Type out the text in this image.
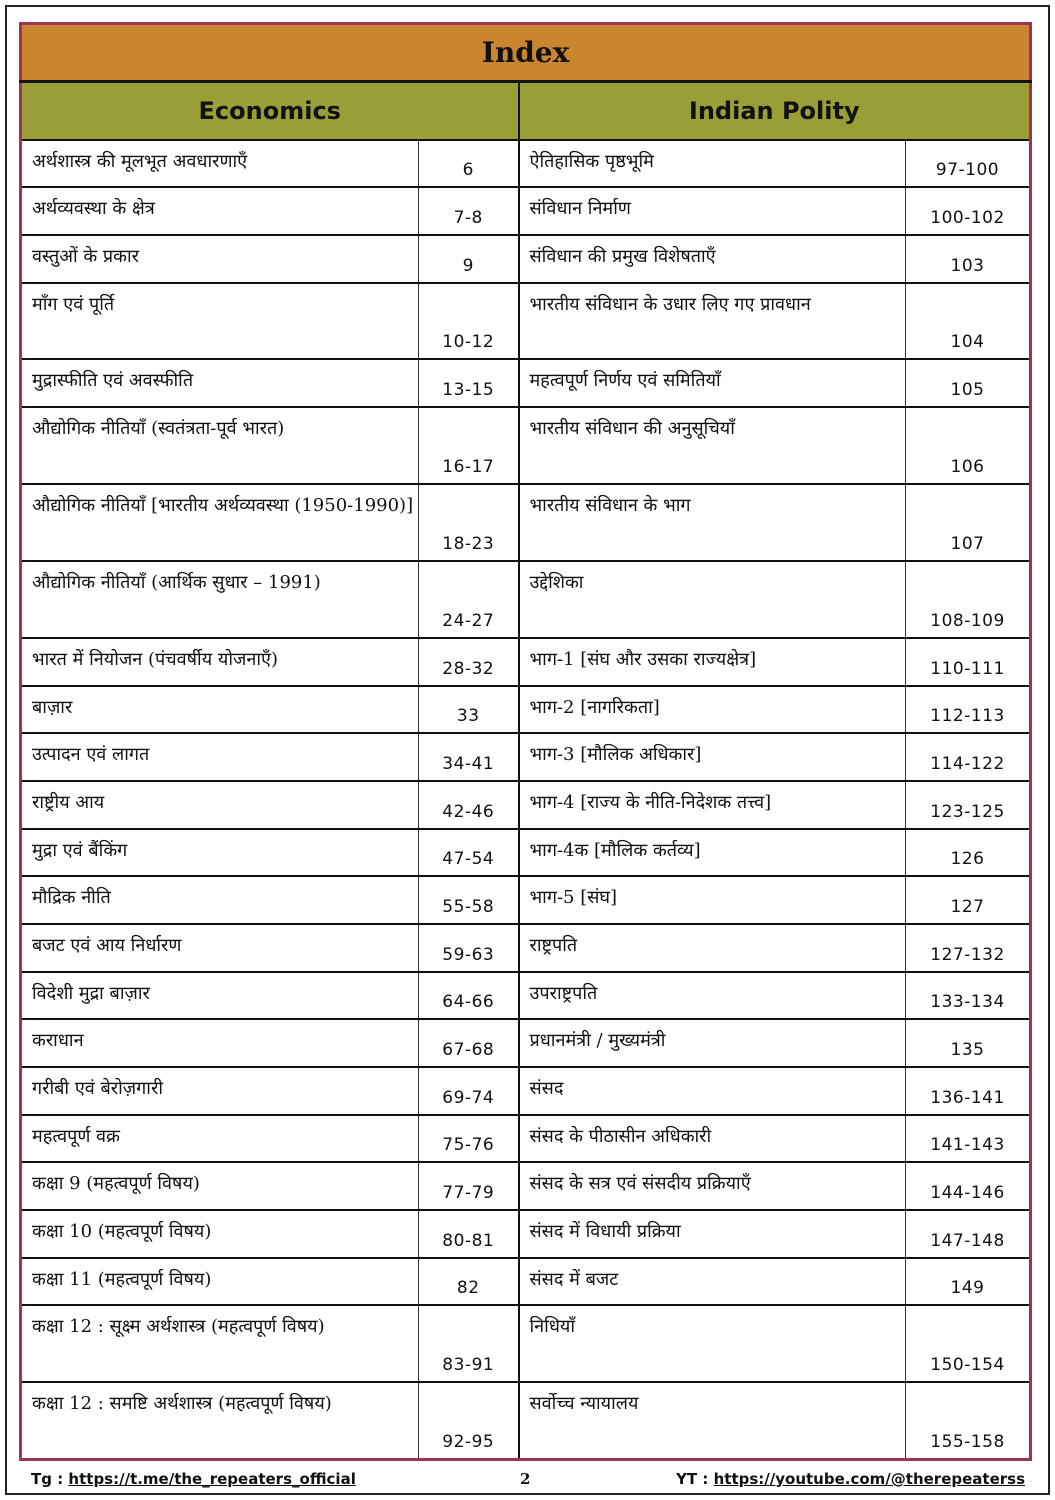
Index			
Economics		Indian Polity	
अर्थशास्त्र की मूलभूत अवधारणाएँ	6	ऐतिहासिक पृष्ठभूमि	97-100
अर्थव्यवस्था के क्षेत्र	7-8	संविधान निर्माण	100-102
वस्तुओं के प्रकार	9	संविधान की प्रमुख विशेषताएँ	103
माँग एवं पूर्ति	10-12	भारतीय संविधान के उधार लिए गए प्रावधान	104
मुद्रास्फीति एवं अवस्फीति	13-15	महत्वपूर्ण निर्णय एवं समितियाँ	105
औद्योगिक नीतियाँ (स्वतंत्रता-पूर्व भारत)	16-17	भारतीय संविधान की अनुसूचियाँ	106
औद्योगिक नीतियाँ [भारतीय अर्थव्यवस्था (1950-1990)]	18-23	भारतीय संविधान के भाग	107
औद्योगिक नीतियाँ (आर्थिक सुधार – 1991)	24-27	उद्देशिका	108-109
भारत में नियोजन (पंचवर्षीय योजनाएँ)	28-32	भाग-1 [संघ और उसका राज्यक्षेत्र]	110-111
बाज़ार	33	भाग-2 [नागरिकता]	112-113
उत्पादन एवं लागत	34-41	भाग-3 [मौलिक अधिकार]	114-122
राष्ट्रीय आय	42-46	भाग-4 [राज्य के नीति-निदेशक तत्त्व]	123-125
मुद्रा एवं बैंकिंग	47-54	भाग-4क [मौलिक कर्तव्य]	126
मौद्रिक नीति	55-58	भाग-5 [संघ]	127
बजट एवं आय निर्धारण	59-63	राष्ट्रपति	127-132
विदेशी मुद्रा बाज़ार	64-66	उपराष्ट्रपति	133-134
कराधान	67-68	प्रधानमंत्री / मुख्यमंत्री	135
गरीबी एवं बेरोज़गारी	69-74	संसद	136-141
महत्वपूर्ण वक्र	75-76	संसद के पीठासीन अधिकारी	141-143
कक्षा 9 (महत्वपूर्ण विषय)	77-79	संसद के सत्र एवं संसदीय प्रक्रियाएँ	144-146
कक्षा 10 (महत्वपूर्ण विषय)	80-81	संसद में विधायी प्रक्रिया	147-148
कक्षा 11 (महत्वपूर्ण विषय)	82	संसद में बजट	149
कक्षा 12 : सूक्ष्म अर्थशास्त्र (महत्वपूर्ण विषय)	83-91	निधियाँ	150-154
कक्षा 12 : समष्टि अर्थशास्त्र (महत्वपूर्ण विषय)	92-95	सर्वोच्च न्यायालय	155-158
Tg : https://t.me/the_repeaters_official	2	YT : https://youtube.com/@therepeaterss
